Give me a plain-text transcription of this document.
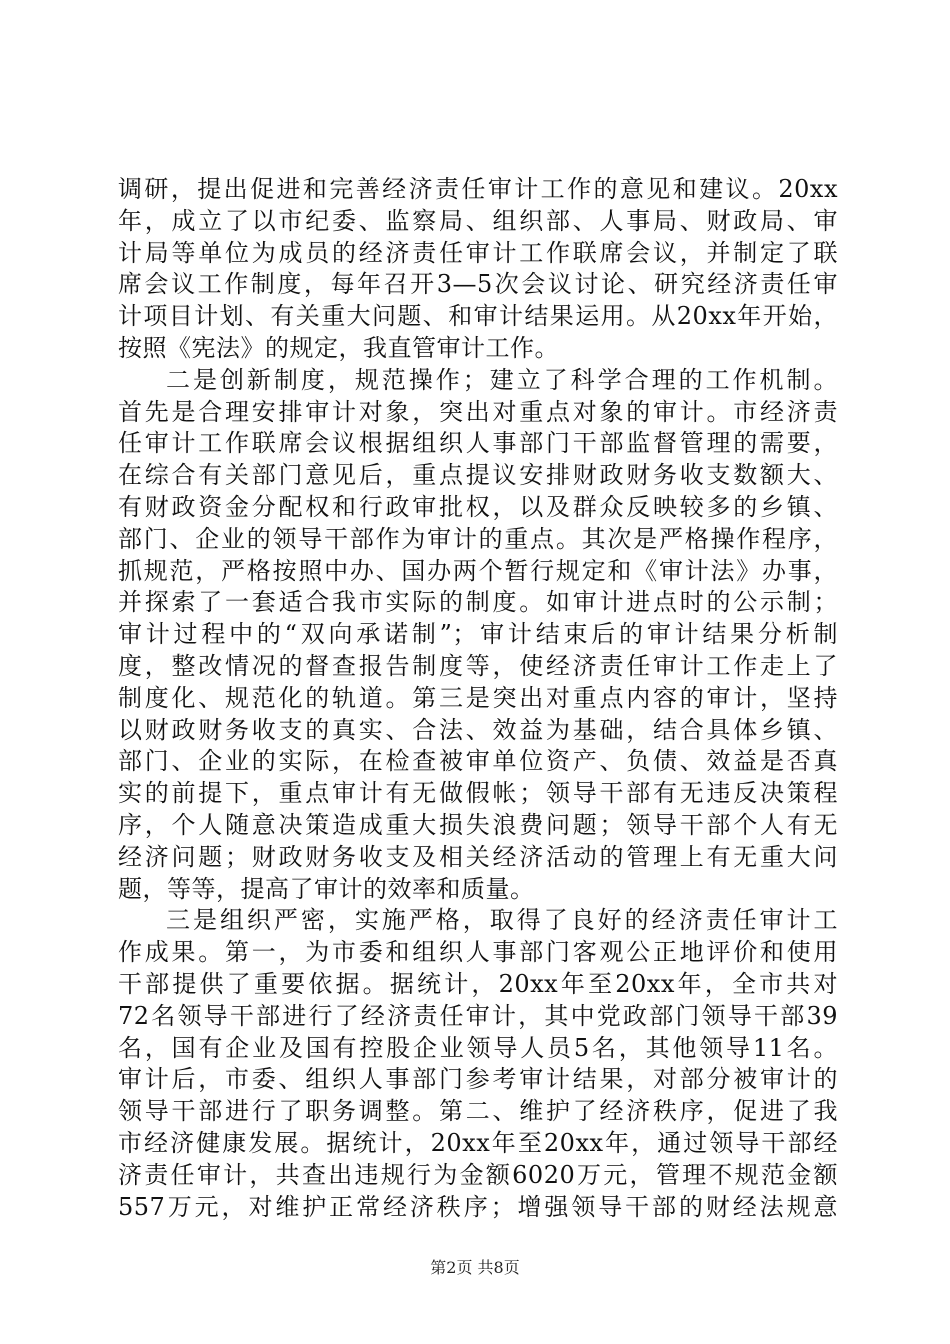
调研，提出促进和完善经济责任审计工作的意见和建议。20xx
年，成立了以市纪委、监察局、组织部、人事局、财政局、审
计局等单位为成员的经济责任审计工作联席会议，并制定了联
席会议工作制度，每年召开3—5次会议讨论、研究经济责任审
计项目计划、有关重大问题、和审计结果运用。从20xx年开始，
按照《宪法》的规定，我直管审计工作。
二是创新制度，规范操作；建立了科学合理的工作机制。
首先是合理安排审计对象，突出对重点对象的审计。市经济责
任审计工作联席会议根据组织人事部门干部监督管理的需要，
在综合有关部门意见后，重点提议安排财政财务收支数额大、
有财政资金分配权和行政审批权，以及群众反映较多的乡镇、
部门、企业的领导干部作为审计的重点。其次是严格操作程序，
抓规范，严格按照中办、国办两个暂行规定和《审计法》办事，
并探索了一套适合我市实际的制度。如审计进点时的公示制；
审计过程中的“双向承诺制”；审计结束后的审计结果分析制
度，整改情况的督查报告制度等，使经济责任审计工作走上了
制度化、规范化的轨道。第三是突出对重点内容的审计，坚持
以财政财务收支的真实、合法、效益为基础，结合具体乡镇、
部门、企业的实际，在检查被审单位资产、负债、效益是否真
实的前提下，重点审计有无做假帐；领导干部有无违反决策程
序，个人随意决策造成重大损失浪费问题；领导干部个人有无
经济问题；财政财务收支及相关经济活动的管理上有无重大问
题，等等，提高了审计的效率和质量。
三是组织严密，实施严格，取得了良好的经济责任审计工
作成果。第一，为市委和组织人事部门客观公正地评价和使用
干部提供了重要依据。据统计，20xx年至20xx年，全市共对
72名领导干部进行了经济责任审计，其中党政部门领导干部39
名，国有企业及国有控股企业领导人员5名，其他领导11名。
审计后，市委、组织人事部门参考审计结果，对部分被审计的
领导干部进行了职务调整。第二、维护了经济秩序，促进了我
市经济健康发展。据统计，20xx年至20xx年，通过领导干部经
济责任审计，共查出违规行为金额6020万元，管理不规范金额
557万元，对维护正常经济秩序；增强领导干部的财经法规意
第2页 共8页
